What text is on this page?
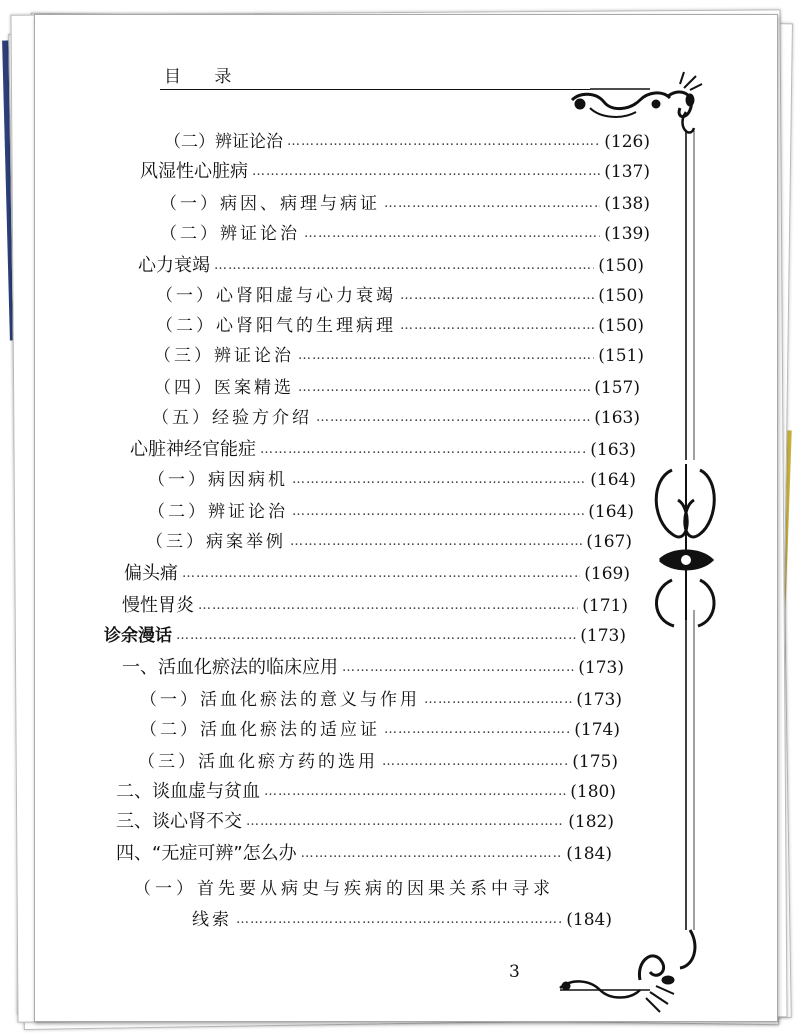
目 录
（二）辨证论治 …………………………………………………………………………………………………………………………………………	(126)
风湿性心脏病 …………………………………………………………………………………………………………………………………………	(137)
（一）病因、病理与病证 …………………………………………………………………………………………………………………………………………	(138)
（二）辨证论治 …………………………………………………………………………………………………………………………………………	(139)
心力衰竭 …………………………………………………………………………………………………………………………………………	(150)
（一）心肾阳虚与心力衰竭 …………………………………………………………………………………………………………………………………………	(150)
（二）心肾阳气的生理病理 …………………………………………………………………………………………………………………………………………	(150)
（三）辨证论治 …………………………………………………………………………………………………………………………………………	(151)
（四）医案精选 …………………………………………………………………………………………………………………………………………	(157)
（五）经验方介绍 …………………………………………………………………………………………………………………………………………	(163)
心脏神经官能症 …………………………………………………………………………………………………………………………………………	(163)
（一）病因病机 …………………………………………………………………………………………………………………………………………	(164)
（二）辨证论治 …………………………………………………………………………………………………………………………………………	(164)
（三）病案举例 …………………………………………………………………………………………………………………………………………	(167)
偏头痛 …………………………………………………………………………………………………………………………………………	(169)
慢性胃炎 …………………………………………………………………………………………………………………………………………	(171)
诊余漫话 …………………………………………………………………………………………………………………………………………	(173)
一、活血化瘀法的临床应用 …………………………………………………………………………………………………………………………………………	(173)
（一）活血化瘀法的意义与作用 …………………………………………………………………………………………………………………………………………	(173)
（二）活血化瘀法的适应证 …………………………………………………………………………………………………………………………………………	(174)
（三）活血化瘀方药的选用 …………………………………………………………………………………………………………………………………………	(175)
二、谈血虚与贫血 …………………………………………………………………………………………………………………………………………	(180)
三、谈心肾不交 …………………………………………………………………………………………………………………………………………	(182)
四、“无症可辨”怎么办 …………………………………………………………………………………………………………………………………………	(184)
（一）首先要从病史与疾病的因果关系中寻求
线索 …………………………………………………………………………………………………………………………………………	(184)
3
